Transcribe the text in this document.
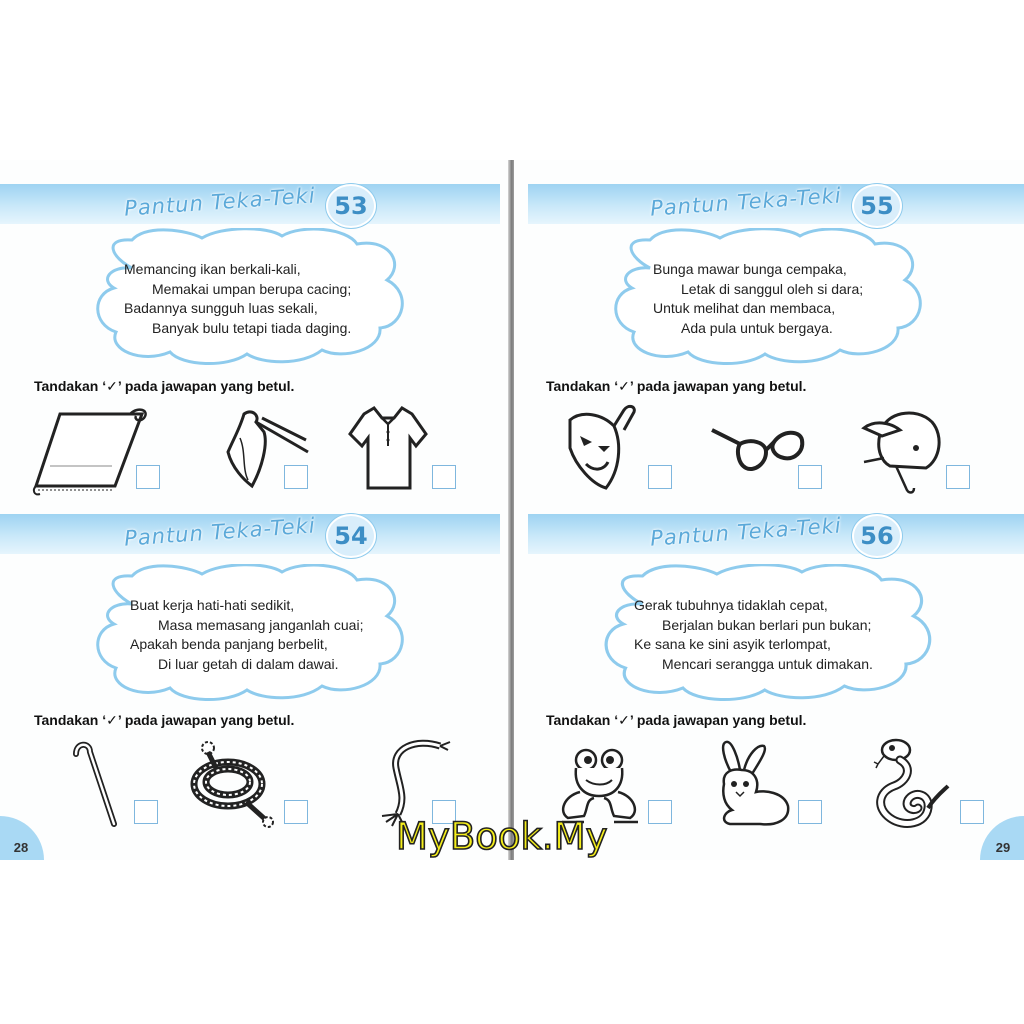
Pantun Teka-Teki 53
Memancing ikan berkali-kali,
Memakai umpan berupa cacing;
Badannya sungguh luas sekali,
Banyak bulu tetapi tiada daging.
Tandakan ‘✓’ pada jawapan yang betul.
Pantun Teka-Teki 54
Buat kerja hati-hati sedikit,
Masa memasang janganlah cuai;
Apakah benda panjang berbelit,
Di luar getah di dalam dawai.
Tandakan ‘✓’ pada jawapan yang betul.
28
Pantun Teka-Teki 55
Bunga mawar bunga cempaka,
Letak di sanggul oleh si dara;
Untuk melihat dan membaca,
Ada pula untuk bergaya.
Tandakan ‘✓’ pada jawapan yang betul.
Pantun Teka-Teki 56
Gerak tubuhnya tidaklah cepat,
Berjalan bukan berlari pun bukan;
Ke sana ke sini asyik terlompat,
Mencari serangga untuk dimakan.
Tandakan ‘✓’ pada jawapan yang betul.
29
MyBook.My
